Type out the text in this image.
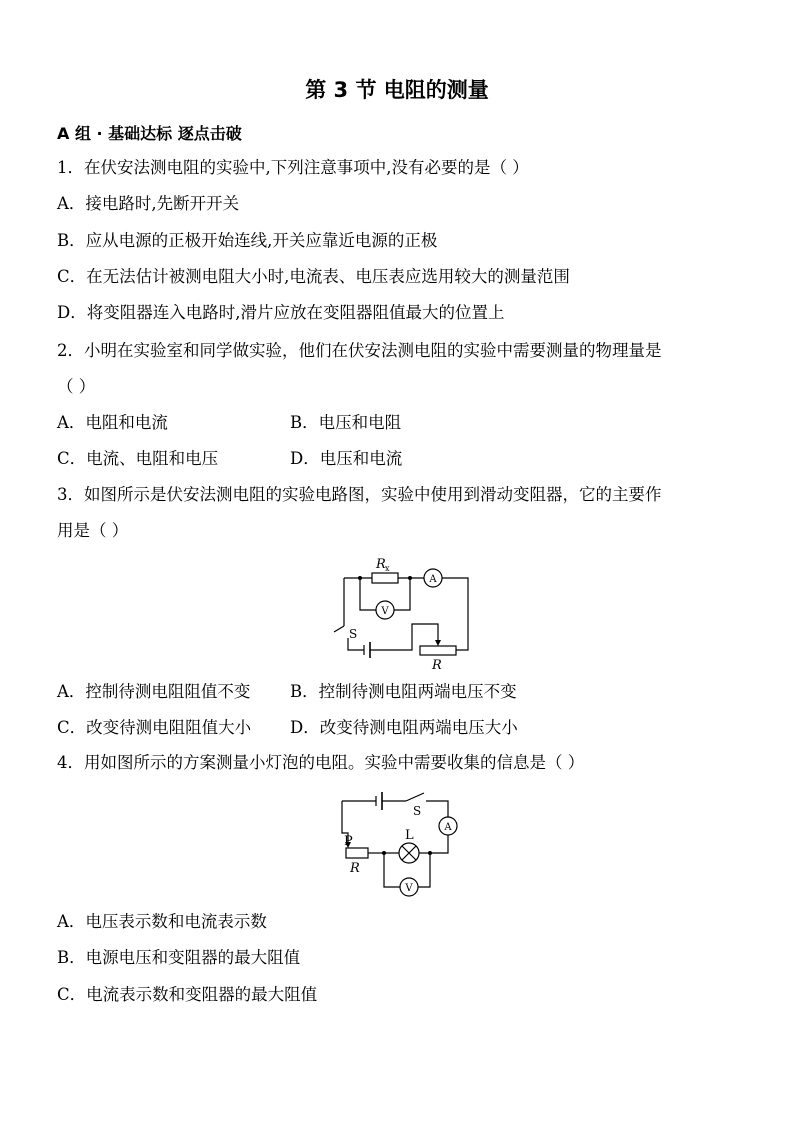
第 3 节 电阻的测量
A 组 · 基础达标 逐点击破
1．在伏安法测电阻的实验中,下列注意事项中,没有必要的是（ ）
A．接电路时,先断开开关
B．应从电源的正极开始连线,开关应靠近电源的正极
C．在无法估计被测电阻大小时,电流表、电压表应选用较大的测量范围
D．将变阻器连入电路时,滑片应放在变阻器阻值最大的位置上
2．小明在实验室和同学做实验，他们在伏安法测电阻的实验中需要测量的物理量是
（ ）
A．电阻和电流	B．电压和电阻
C．电流、电阻和电压	D．电压和电流
3．如图所示是伏安法测电阻的实验电路图，实验中使用到滑动变阻器，它的主要作
用是（ ）
R x
A
V
S
R
A．控制待测电阻阻值不变 B．控制待测电阻两端电压不变
C．改变待测电阻阻值大小 D．改变待测电阻两端电压大小
4．用如图所示的方案测量小灯泡的电阻。实验中需要收集的信息是（ ）
S
A
L
P
R
V
A．电压表示数和电流表示数
B．电源电压和变阻器的最大阻值
C．电流表示数和变阻器的最大阻值
